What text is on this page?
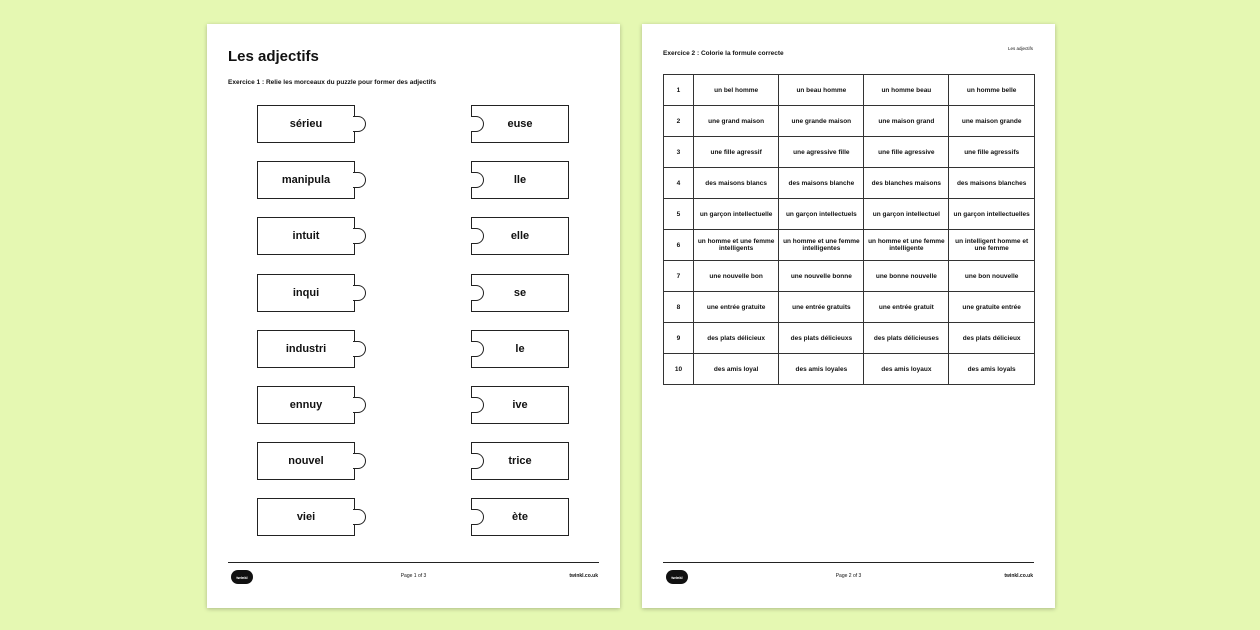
Les adjectifs
Exercice 1 : Relie les morceaux du puzzle pour former des adjectifs
sérieu	euse
manipula	lle
intuit	elle
inqui	se
industri	le
ennuy	ive
nouvel	trice
viei	ète
twinkl	Page 1 of 3	twinkl.co.uk
Les adjectifs
Exercice 2 : Colorie la formule correcte
1	un bel homme	un beau homme	un homme beau	un homme belle
2	une grand maison	une grande maison	une maison grand	une maison grande
3	une fille agressif	une agressive fille	une fille agressive	une fille agressifs
4	des maisons blancs	des maisons blanche	des blanches maisons	des maisons blanches
5	un garçon intellectuelle	un garçon intellectuels	un garçon intellectuel	un garçon intellectuelles
6	un homme et une femme intelligents	un homme et une femme intelligentes	un homme et une femme intelligente	un intelligent homme et une femme
7	une nouvelle bon	une nouvelle bonne	une bonne nouvelle	une bon nouvelle
8	une entrée gratuite	une entrée gratuits	une entrée gratuit	une gratuite entrée
9	des plats délicieux	des plats délicieuxs	des plats délicieuses	des plats délicieux
10	des amis loyal	des amis loyales	des amis loyaux	des amis loyals
twinkl	Page 2 of 3	twinkl.co.uk
